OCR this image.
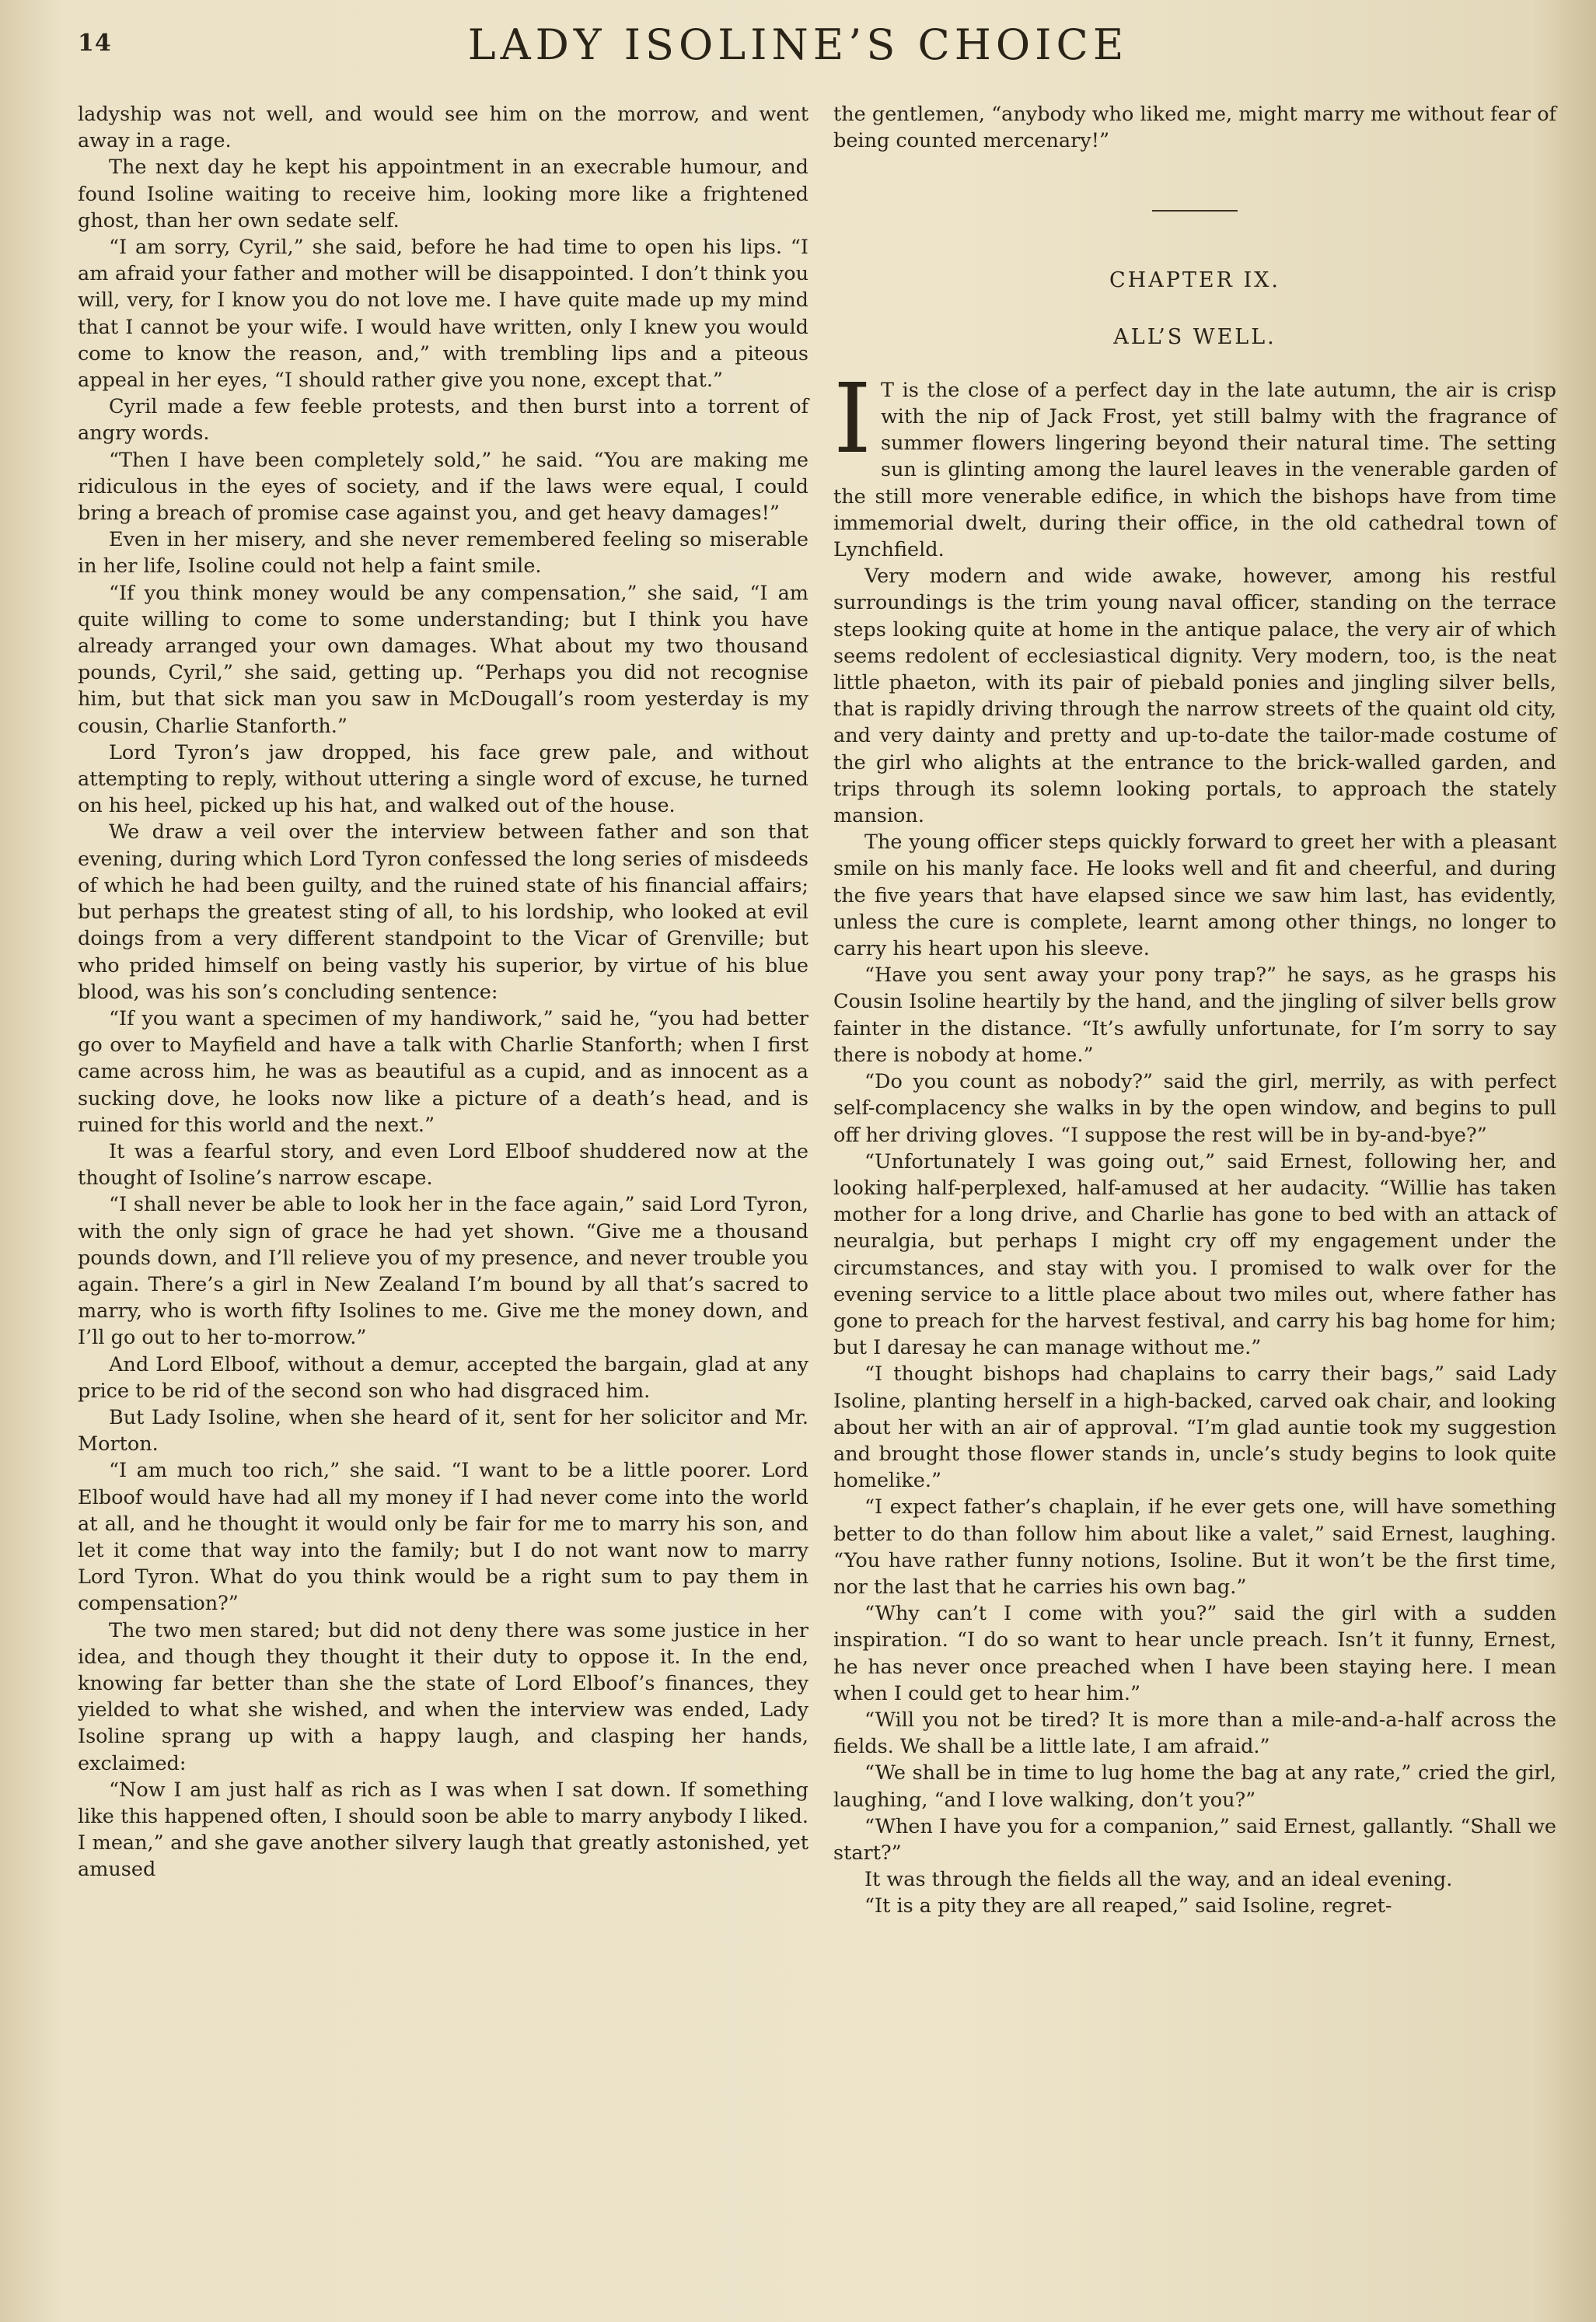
14	LADY ISOLINE’S CHOICE

ladyship was not well, and would see him on the morrow, and went away in a rage.

The next day he kept his appointment in an execrable humour, and found Isoline waiting to receive him, looking more like a frightened ghost, than her own sedate self.

“I am sorry, Cyril,” she said, before he had time to open his lips. “I am afraid your father and mother will be disappointed. I don’t think you will, very, for I know you do not love me. I have quite made up my mind that I cannot be your wife. I would have written, only I knew you would come to know the reason, and,” with trembling lips and a piteous appeal in her eyes, “I should rather give you none, except that.”

Cyril made a few feeble protests, and then burst into a torrent of angry words.

“Then I have been completely sold,” he said. “You are making me ridiculous in the eyes of society, and if the laws were equal, I could bring a breach of promise case against you, and get heavy damages!”

Even in her misery, and she never remembered feeling so miserable in her life, Isoline could not help a faint smile.

“If you think money would be any compensation,” she said, “I am quite willing to come to some understanding; but I think you have already arranged your own damages. What about my two thousand pounds, Cyril,” she said, getting up. “Perhaps you did not recognise him, but that sick man you saw in McDougall’s room yesterday is my cousin, Charlie Stanforth.”

Lord Tyron’s jaw dropped, his face grew pale, and without attempting to reply, without uttering a single word of excuse, he turned on his heel, picked up his hat, and walked out of the house.

We draw a veil over the interview between father and son that evening, during which Lord Tyron confessed the long series of misdeeds of which he had been guilty, and the ruined state of his financial affairs; but perhaps the greatest sting of all, to his lordship, who looked at evil doings from a very different standpoint to the Vicar of Grenville; but who prided himself on being vastly his superior, by virtue of his blue blood, was his son’s concluding sentence:

“If you want a specimen of my handiwork,” said he, “you had better go over to Mayfield and have a talk with Charlie Stanforth; when I first came across him, he was as beautiful as a cupid, and as innocent as a sucking dove, he looks now like a picture of a death’s head, and is ruined for this world and the next.”

It was a fearful story, and even Lord Elboof shuddered now at the thought of Isoline’s narrow escape.

“I shall never be able to look her in the face again,” said Lord Tyron, with the only sign of grace he had yet shown. “Give me a thousand pounds down, and I’ll relieve you of my presence, and never trouble you again. There’s a girl in New Zealand I’m bound by all that’s sacred to marry, who is worth fifty Isolines to me. Give me the money down, and I’ll go out to her to-morrow.”

And Lord Elboof, without a demur, accepted the bargain, glad at any price to be rid of the second son who had disgraced him.

But Lady Isoline, when she heard of it, sent for her solicitor and Mr. Morton.

“I am much too rich,” she said. “I want to be a little poorer. Lord Elboof would have had all my money if I had never come into the world at all, and he thought it would only be fair for me to marry his son, and let it come that way into the family; but I do not want now to marry Lord Tyron. What do you think would be a right sum to pay them in compensation?”

The two men stared; but did not deny there was some justice in her idea, and though they thought it their duty to oppose it. In the end, knowing far better than she the state of Lord Elboof’s finances, they yielded to what she wished, and when the interview was ended, Lady Isoline sprang up with a happy laugh, and clasping her hands, exclaimed:

“Now I am just half as rich as I was when I sat down. If something like this happened often, I should soon be able to marry anybody I liked. I mean,” and she gave another silvery laugh that greatly astonished, yet amused

the gentlemen, “anybody who liked me, might marry me without fear of being counted mercenary!”

CHAPTER IX.
ALL’S WELL.

I T is the close of a perfect day in the late autumn, the air is crisp with the nip of Jack Frost, yet still balmy with the fragrance of summer flowers lingering beyond their natural time. The setting sun is glinting among the laurel leaves in the venerable garden of the still more venerable edifice, in which the bishops have from time immemorial dwelt, during their office, in the old cathedral town of Lynchfield.

Very modern and wide awake, however, among his restful surroundings is the trim young naval officer, standing on the terrace steps looking quite at home in the antique palace, the very air of which seems redolent of ecclesiastical dignity. Very modern, too, is the neat little phaeton, with its pair of piebald ponies and jingling silver bells, that is rapidly driving through the narrow streets of the quaint old city, and very dainty and pretty and up-to-date the tailor-made costume of the girl who alights at the entrance to the brick-walled garden, and trips through its solemn looking portals, to approach the stately mansion.

The young officer steps quickly forward to greet her with a pleasant smile on his manly face. He looks well and fit and cheerful, and during the five years that have elapsed since we saw him last, has evidently, unless the cure is complete, learnt among other things, no longer to carry his heart upon his sleeve.

“Have you sent away your pony trap?” he says, as he grasps his Cousin Isoline heartily by the hand, and the jingling of silver bells grow fainter in the distance. “It’s awfully unfortunate, for I’m sorry to say there is nobody at home.”

“Do you count as nobody?” said the girl, merrily, as with perfect self-complacency she walks in by the open window, and begins to pull off her driving gloves. “I suppose the rest will be in by-and-bye?”

“Unfortunately I was going out,” said Ernest, following her, and looking half-perplexed, half-amused at her audacity. “Willie has taken mother for a long drive, and Charlie has gone to bed with an attack of neuralgia, but perhaps I might cry off my engagement under the circumstances, and stay with you. I promised to walk over for the evening service to a little place about two miles out, where father has gone to preach for the harvest festival, and carry his bag home for him; but I daresay he can manage without me.”

“I thought bishops had chaplains to carry their bags,” said Lady Isoline, planting herself in a high-backed, carved oak chair, and looking about her with an air of approval. “I’m glad auntie took my suggestion and brought those flower stands in, uncle’s study begins to look quite homelike.”

“I expect father’s chaplain, if he ever gets one, will have something better to do than follow him about like a valet,” said Ernest, laughing. “You have rather funny notions, Isoline. But it won’t be the first time, nor the last that he carries his own bag.”

“Why can’t I come with you?” said the girl with a sudden inspiration. “I do so want to hear uncle preach. Isn’t it funny, Ernest, he has never once preached when I have been staying here. I mean when I could get to hear him.”

“Will you not be tired? It is more than a mile-and-a-half across the fields. We shall be a little late, I am afraid.”

“We shall be in time to lug home the bag at any rate,” cried the girl, laughing, “and I love walking, don’t you?”

“When I have you for a companion,” said Ernest, gallantly. “Shall we start?”

It was through the fields all the way, and an ideal evening.

“It is a pity they are all reaped,” said Isoline, regret-
